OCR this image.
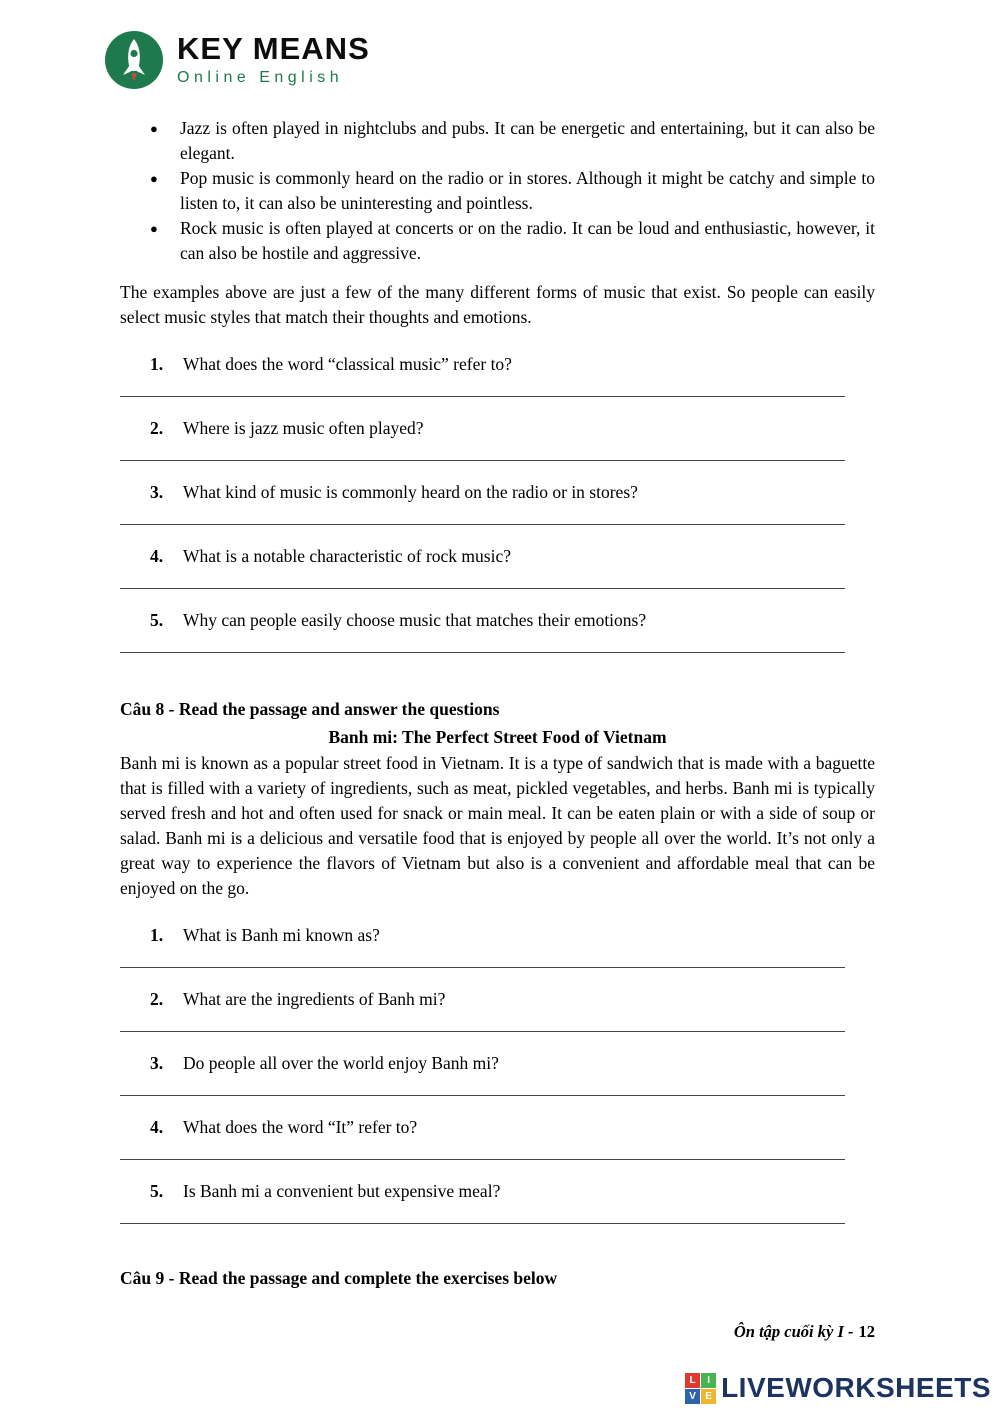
KEY MEANS
Online English
●	Jazz is often played in nightclubs and pubs. It can be energetic and entertaining, but it can also be elegant.
●	Pop music is commonly heard on the radio or in stores. Although it might be catchy and simple to listen to, it can also be uninteresting and pointless.
●	Rock music is often played at concerts or on the radio. It can be loud and enthusiastic, however, it can also be hostile and aggressive.

The examples above are just a few of the many different forms of music that exist. So people can easily select music styles that match their thoughts and emotions.

1.	What does the word “classical music” refer to?
2.	Where is jazz music often played?
3.	What kind of music is commonly heard on the radio or in stores?
4.	What is a notable characteristic of rock music?
5.	Why can people easily choose music that matches their emotions?
Câu 8 - Read the passage and answer the questions
Banh mi: The Perfect Street Food of Vietnam

Banh mi is known as a popular street food in Vietnam. It is a type of sandwich that is made with a baguette that is filled with a variety of ingredients, such as meat, pickled vegetables, and herbs. Banh mi is typically served fresh and hot and often used for snack or main meal. It can be eaten plain or with a side of soup or salad. Banh mi is a delicious and versatile food that is enjoyed by people all over the world. It’s not only a great way to experience the flavors of Vietnam but also is a convenient and affordable meal that can be enjoyed on the go.

1.	What is Banh mi known as?
2.	What are the ingredients of Banh mi?
3.	Do people all over the world enjoy Banh mi?
4.	What does the word “It” refer to?
5.	Is Banh mi a convenient but expensive meal?
Câu 9 - Read the passage and complete the exercises below
Ôn tập cuối kỳ I - 12
L	I
V E LIVEWORKSHEETS
